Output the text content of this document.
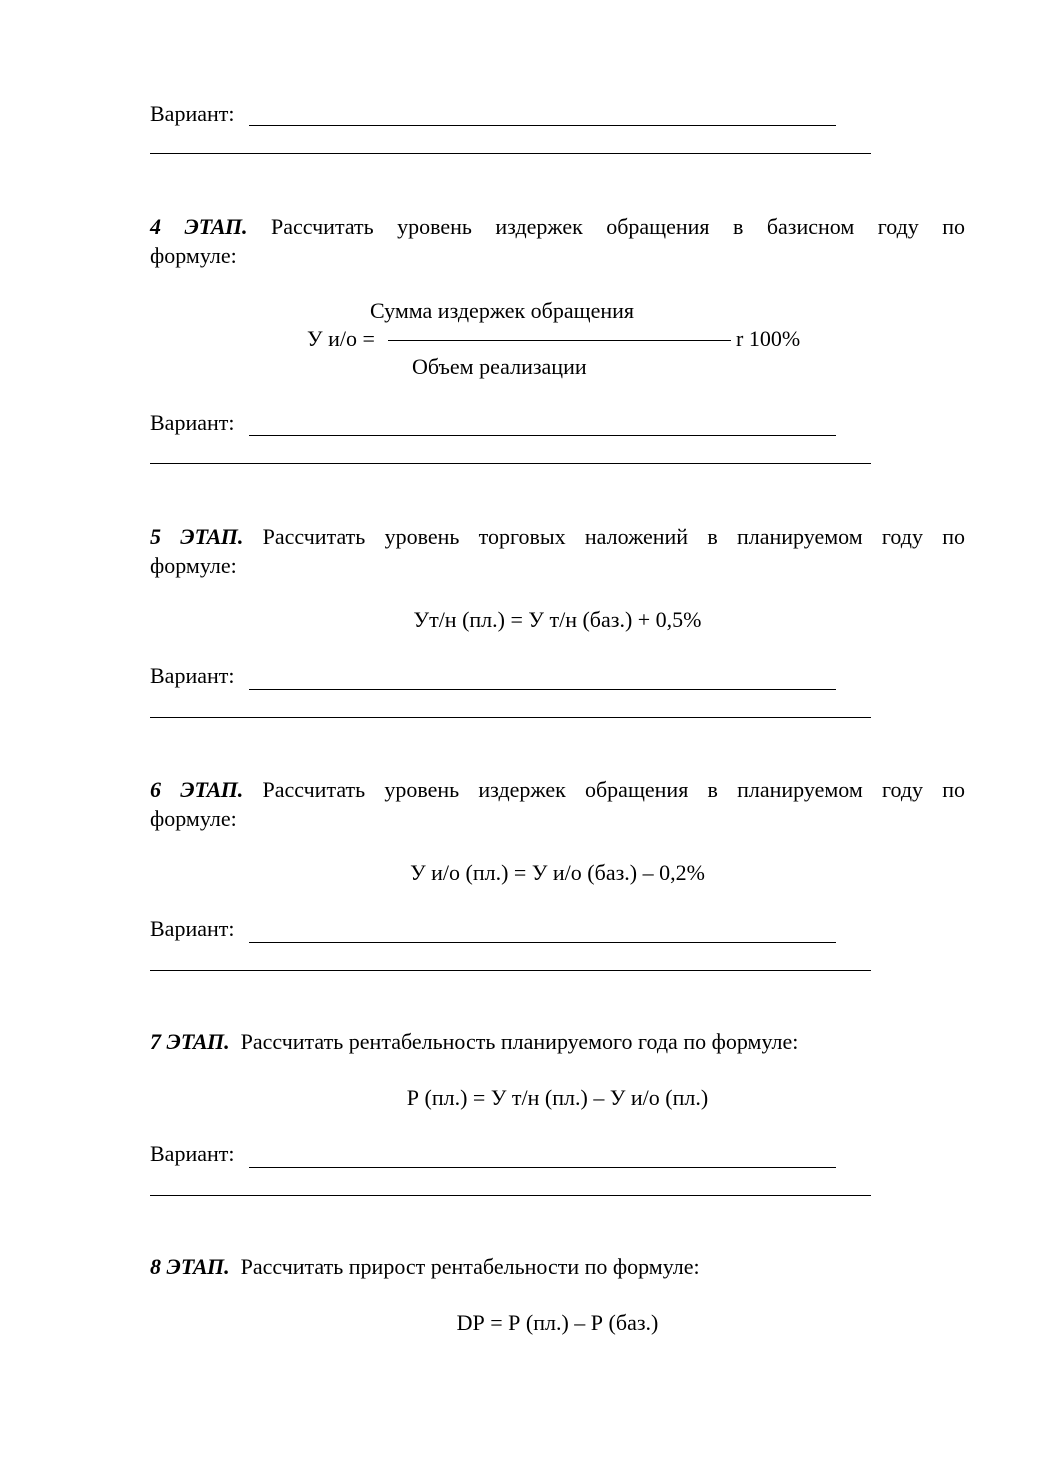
Вариант:
4 ЭТАП. Рассчитать уровень издержек обращения в базисном году по
формуле:
Сумма издержек обращения
У и/о =	r 100%
Объем реализации
Вариант:
5 ЭТАП. Рассчитать уровень торговых наложений в планируемом году по
формуле:
Ут/н (пл.) = У т/н (баз.) + 0,5%
Вариант:
6 ЭТАП. Рассчитать уровень издержек обращения в планируемом году по
формуле:
У и/о (пл.) = У и/о (баз.) – 0,2%
Вариант:
7 ЭТАП. Рассчитать рентабельность планируемого года по формуле:
Р (пл.) = У т/н (пл.) – У и/о (пл.)
Вариант:
8 ЭТАП. Рассчитать прирост рентабельности по формуле:
DР = Р (пл.) – Р (баз.)
